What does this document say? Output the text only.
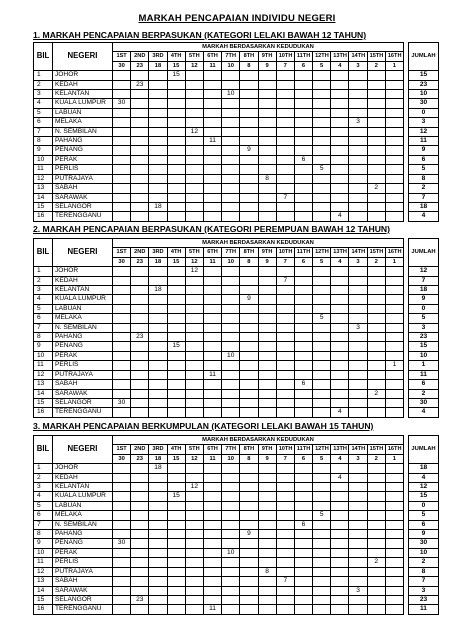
MARKAH PENCAPAIAN INDIVIDU NEGERI
1. MARKAH PENCAPAIAN BERPASUKAN (KATEGORI LELAKI BAWAH 12 TAHUN)
BIL	NEGERI	MARKAH BERDASARKAN KEDUDUKAN																	JUMLAH
		1ST	2ND	3RD	4TH	5TH	6TH	7TH	8TH	9TH	10TH	11TH	12TH	13TH	14TH	15TH	16TH		
		30	23	18	15	12	11	10	8	9	7	6	5	4	3	2	1		
1	JOHOR				15														15
2	KEDAH		23																23
3	KELANTAN							10											10
4	KUALA LUMPUR	30																	30
5	LABUAN																		0
6	MELAKA														3				3
7	N. SEMBILAN					12													12
8	PAHANG						11												11
9	PENANG								9										9
10	PERAK											6							6
11	PERLIS												5						5
12	PUTRAJAYA									8									8
13	SABAH															2			2
14	SARAWAK										7								7
15	SELANGOR			18															18
16	TERENGGANU													4					4
2. MARKAH PENCAPAIAN BERPASUKAN (KATEGORI PEREMPUAN BAWAH 12 TAHUN)
BIL	NEGERI	MARKAH BERDASARKAN KEDUDUKAN																	JUMLAH
		1ST	2ND	3RD	4TH	5TH	6TH	7TH	8TH	9TH	10TH	11TH	12TH	13TH	14TH	15TH	16TH		
		30	23	18	15	12	11	10	8	9	7	6	5	4	3	2	1		
1	JOHOR					12													12
2	KEDAH										7								7
3	KELANTAN			18															18
4	KUALA LUMPUR								9										9
5	LABUAN																		0
6	MELAKA												5						5
7	N. SEMBILAN														3				3
8	PAHANG		23																23
9	PENANG				15														15
10	PERAK							10											10
11	PERLIS																1		1
12	PUTRAJAYA						11												11
13	SABAH											6							6
14	SARAWAK															2			2
15	SELANGOR	30																	30
16	TERENGGANU													4					4
3. MARKAH PENCAPAIAN BERKUMPULAN (KATEGORI LELAKI BAWAH 15 TAHUN)
BIL	NEGERI	MARKAH BERDASARKAN KEDUDUKAN																	JUMLAH
		1ST	2ND	3RD	4TH	5TH	6TH	7TH	8TH	9TH	10TH	11TH	12TH	13TH	14TH	15TH	16TH		
		30	23	18	15	12	11	10	8	9	7	6	5	4	3	2	1		
1	JOHOR			18															18
2	KEDAH													4					4
3	KELANTAN					12													12
4	KUALA LUMPUR				15														15
5	LABUAN																		0
6	MELAKA												5						5
7	N. SEMBILAN											6							6
8	PAHANG								9										9
9	PENANG	30																	30
10	PERAK							10											10
11	PERLIS															2			2
12	PUTRAJAYA									8									8
13	SABAH										7								7
14	SARAWAK														3				3
15	SELANGOR		23																23
16	TERENGGANU						11												11
